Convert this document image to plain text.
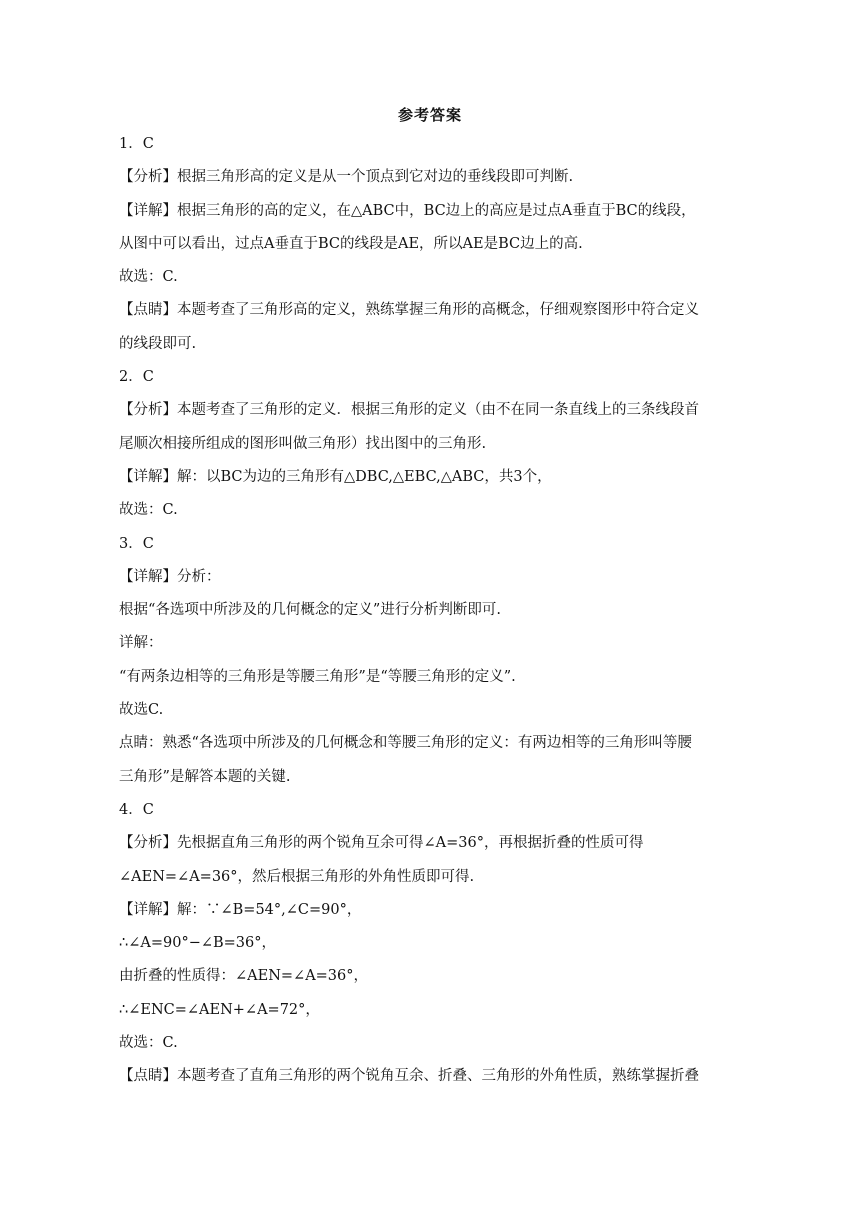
参考答案
1．C
【分析】根据三角形高的定义是从一个顶点到它对边的垂线段即可判断.
【详解】根据三角形的高的定义，在△ABC中，BC边上的高应是过点A垂直于BC的线段，
从图中可以看出，过点A垂直于BC的线段是AE，所以AE是BC边上的高.
故选：C.
【点睛】本题考查了三角形高的定义，熟练掌握三角形的高概念，仔细观察图形中符合定义
的线段即可.
2．C
【分析】本题考查了三角形的定义．根据三角形的定义（由不在同一条直线上的三条线段首
尾顺次相接所组成的图形叫做三角形）找出图中的三角形.
【详解】解：以BC为边的三角形有△DBC,△EBC,△ABC，共3个，
故选：C.
3．C
【详解】分析：
根据“各选项中所涉及的几何概念的定义”进行分析判断即可.
详解：
“有两条边相等的三角形是等腰三角形”是“等腰三角形的定义”.
故选C.
点睛：熟悉“各选项中所涉及的几何概念和等腰三角形的定义：有两边相等的三角形叫等腰
三角形”是解答本题的关键.
4．C
【分析】先根据直角三角形的两个锐角互余可得∠A=36°，再根据折叠的性质可得
∠AEN=∠A=36°，然后根据三角形的外角性质即可得.
【详解】解：∵∠B=54°,∠C=90°，
∴∠A=90°−∠B=36°，
由折叠的性质得：∠AEN=∠A=36°，
∴∠ENC=∠AEN+∠A=72°，
故选：C.
【点睛】本题考查了直角三角形的两个锐角互余、折叠、三角形的外角性质，熟练掌握折叠
